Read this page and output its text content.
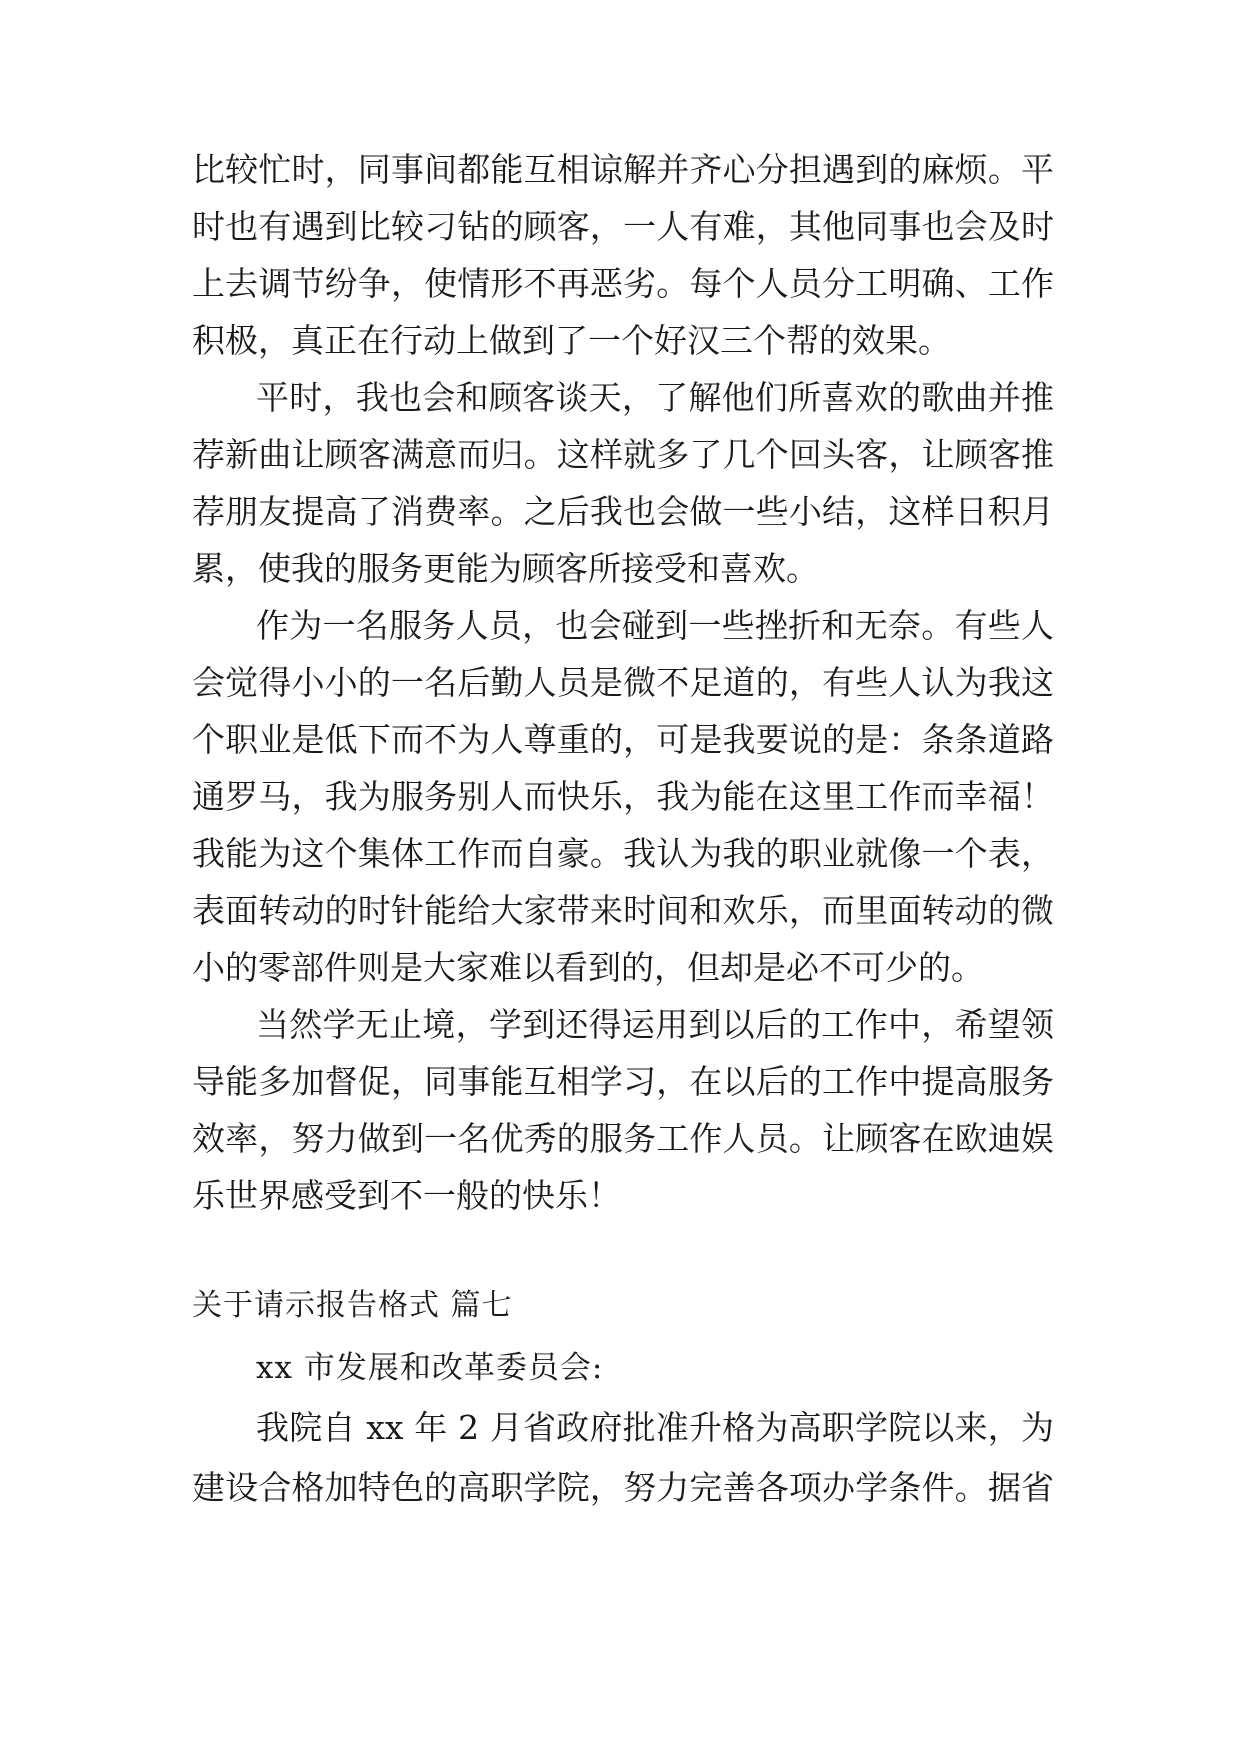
比较忙时，同事间都能互相谅解并齐心分担遇到的麻烦。平
时也有遇到比较刁钻的顾客，一人有难，其他同事也会及时
上去调节纷争，使情形不再恶劣。每个人员分工明确、工作
积极，真正在行动上做到了一个好汉三个帮的效果。
平时，我也会和顾客谈天，了解他们所喜欢的歌曲并推
荐新曲让顾客满意而归。这样就多了几个回头客，让顾客推
荐朋友提高了消费率。之后我也会做一些小结，这样日积月
累，使我的服务更能为顾客所接受和喜欢。
作为一名服务人员，也会碰到一些挫折和无奈。有些人
会觉得小小的一名后勤人员是微不足道的，有些人认为我这
个职业是低下而不为人尊重的，可是我要说的是：条条道路
通罗马，我为服务别人而快乐，我为能在这里工作而幸福！
我能为这个集体工作而自豪。我认为我的职业就像一个表，
表面转动的时针能给大家带来时间和欢乐，而里面转动的微
小的零部件则是大家难以看到的，但却是必不可少的。
当然学无止境，学到还得运用到以后的工作中，希望领
导能多加督促，同事能互相学习，在以后的工作中提高服务
效率，努力做到一名优秀的服务工作人员。让顾客在欧迪娱
乐世界感受到不一般的快乐！
关于请示报告格式 篇七
xx 市发展和改革委员会:
我院自 xx 年 2 月省政府批准升格为高职学院以来，为
建设合格加特色的高职学院，努力完善各项办学条件。据省
